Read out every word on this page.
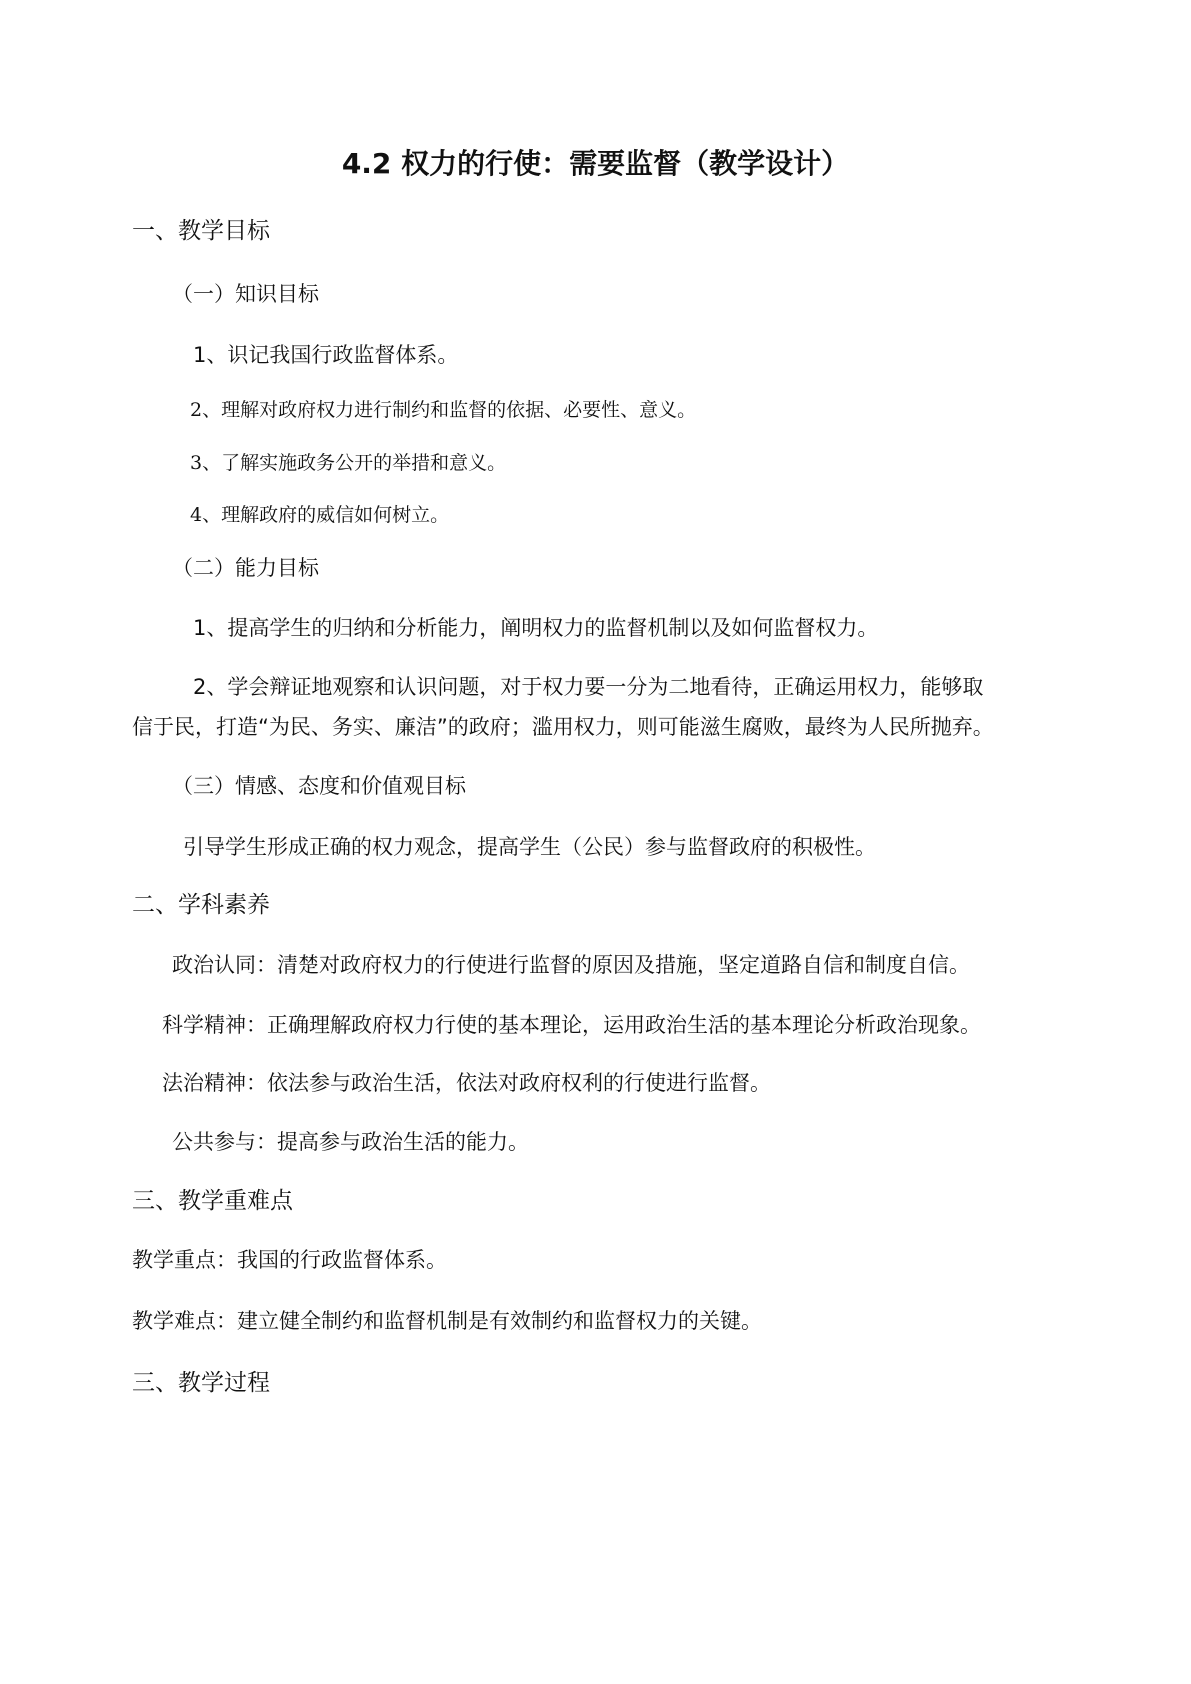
4.2 权力的行使：需要监督（教学设计）
一、教学目标
（一）知识目标
1、识记我国行政监督体系。
2、理解对政府权力进行制约和监督的依据、必要性、意义。
3、了解实施政务公开的举措和意义。
4、理解政府的威信如何树立。
（二）能力目标
1、提高学生的归纳和分析能力，阐明权力的监督机制以及如何监督权力。
2、学会辩证地观察和认识问题，对于权力要一分为二地看待，正确运用权力，能够取
信于民，打造“为民、务实、廉洁”的政府；滥用权力，则可能滋生腐败，最终为人民所抛弃。
（三）情感、态度和价值观目标
引导学生形成正确的权力观念，提高学生（公民）参与监督政府的积极性。
二、学科素养
政治认同：清楚对政府权力的行使进行监督的原因及措施，坚定道路自信和制度自信。
科学精神：正确理解政府权力行使的基本理论，运用政治生活的基本理论分析政治现象。
法治精神：依法参与政治生活，依法对政府权利的行使进行监督。
公共参与：提高参与政治生活的能力。
三、教学重难点
教学重点：我国的行政监督体系。
教学难点：建立健全制约和监督机制是有效制约和监督权力的关键。
三、教学过程
